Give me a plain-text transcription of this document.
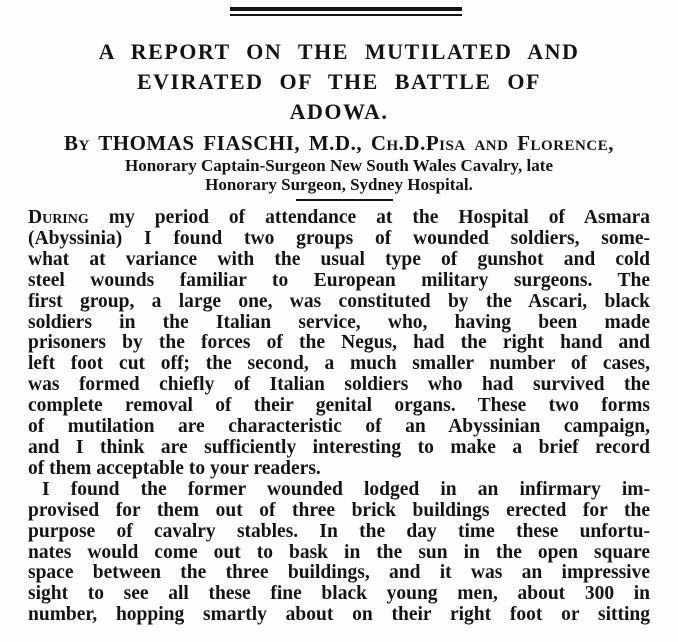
A REPORT ON THE MUTILATED AND
EVIRATED OF THE BATTLE OF
ADOWA.
By THOMAS FIASCHI, M.D., Ch.D.Pisa and Florence,
Honorary Captain-Surgeon New South Wales Cavalry, late
Honorary Surgeon, Sydney Hospital.
During my period of attendance at the Hospital of Asmara
(Abyssinia) I found two groups of wounded soldiers, some-
what at variance with the usual type of gunshot and cold
steel wounds familiar to European military surgeons. The
first group, a large one, was constituted by the Ascari, black
soldiers in the Italian service, who, having been made
prisoners by the forces of the Negus, had the right hand and
left foot cut off; the second, a much smaller number of cases,
was formed chiefly of Italian soldiers who had survived the
complete removal of their genital organs. These two forms
of mutilation are characteristic of an Abyssinian campaign,
and I think are sufficiently interesting to make a brief record
of them acceptable to your readers.
I found the former wounded lodged in an infirmary im-
provised for them out of three brick buildings erected for the
purpose of cavalry stables. In the day time these unfortu-
nates would come out to bask in the sun in the open square
space between the three buildings, and it was an impressive
sight to see all these fine black young men, about 300 in
number, hopping smartly about on their right foot or sitting
